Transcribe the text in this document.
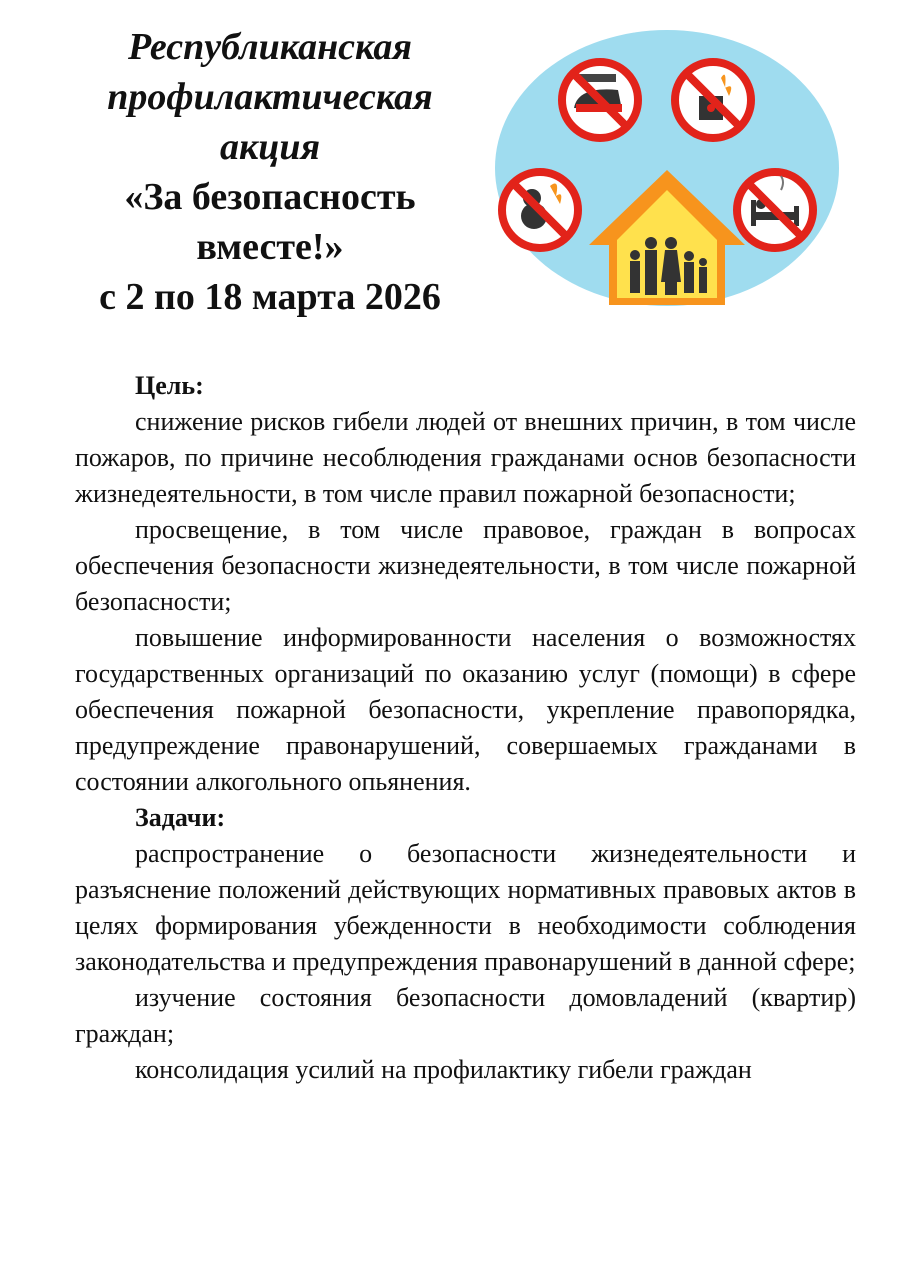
Республиканская
профилактическая
акция
«За безопасность
вместе!»
с 2 по 18 марта 2026
Цель:

снижение рисков гибели людей от внешних причин, в том числе пожаров, по причине несоблюдения гражданами основ безопасности жизнедеятельности, в том числе правил пожарной безопасности;

просвещение, в том числе правовое, граждан в вопросах обеспечения безопасности жизнедеятельности, в том числе пожарной безопасности;

повышение информированности населения о возможностях государственных организаций по оказанию услуг (помощи) в сфере обеспечения пожарной безопасности, укрепление правопорядка, предупреждение правонарушений, совершаемых гражданами в состоянии алкогольного опьянения.

Задачи:

распространение о безопасности жизнедеятельности и разъяснение положений действующих нормативных правовых актов в целях формирования убежденности в необходимости соблюдения законодательства и предупреждения правонарушений в данной сфере;

изучение состояния безопасности домовладений (квартир) граждан;

консолидация усилий на профилактику гибели граждан
